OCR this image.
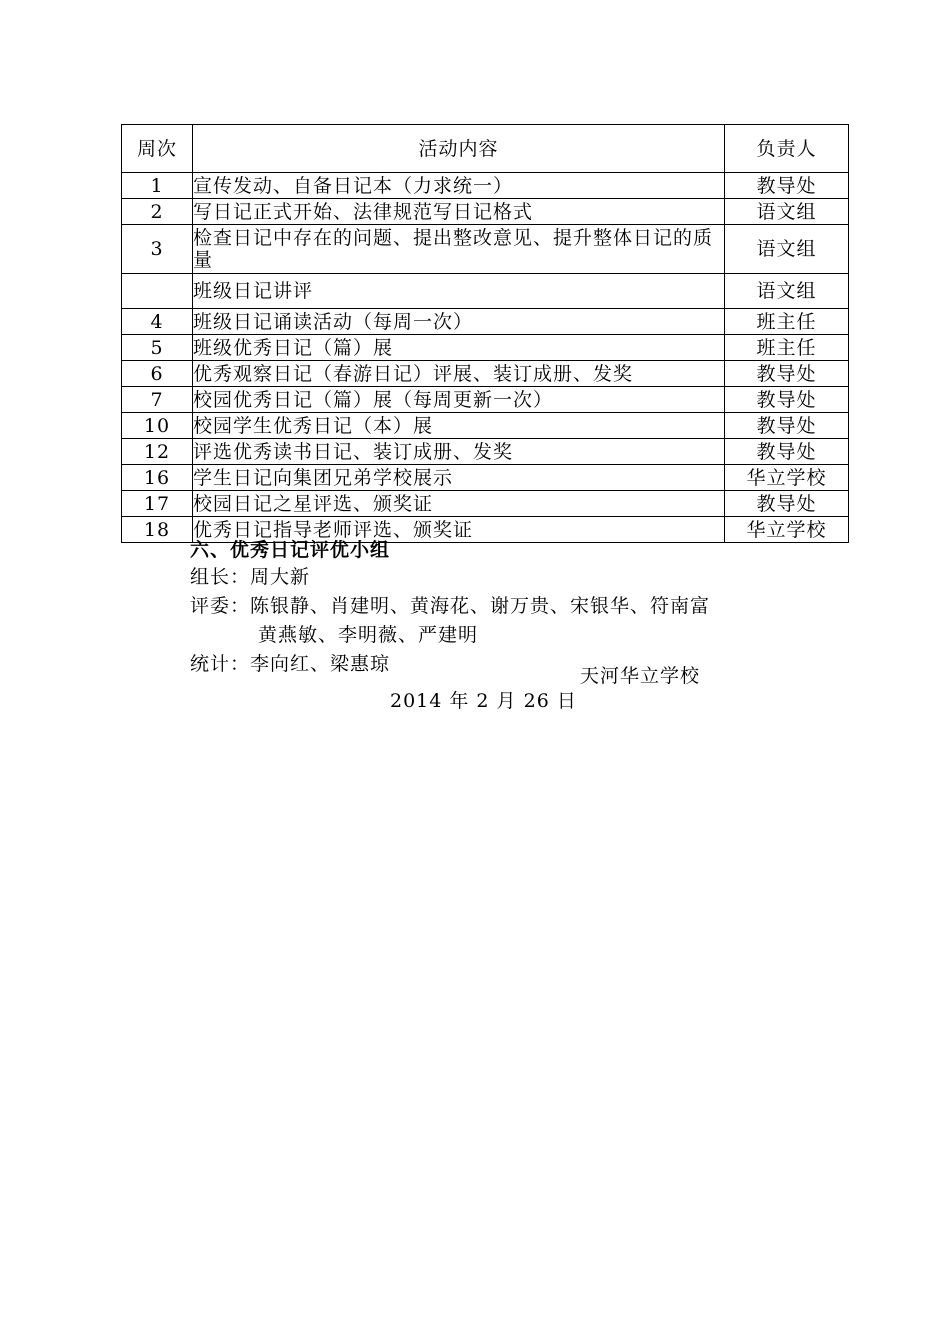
周次	活动内容	负责人
1	宣传发动、自备日记本（力求统一）	教导处
2	写日记正式开始、法律规范写日记格式	语文组
3	检查日记中存在的问题、提出整改意见、提升整体日记的质量	语文组
	班级日记讲评	语文组
4	班级日记诵读活动（每周一次）	班主任
5	班级优秀日记（篇）展	班主任
6	优秀观察日记（春游日记）评展、装订成册、发奖	教导处
7	校园优秀日记（篇）展（每周更新一次）	教导处
10	校园学生优秀日记（本）展	教导处
12	评选优秀读书日记、装订成册、发奖	教导处
16	学生日记向集团兄弟学校展示	华立学校
17	校园日记之星评选、颁奖证	教导处
18	优秀日记指导老师评选、颁奖证	华立学校
六、优秀日记评优小组
组长：周大新
评委：陈银静、肖建明、黄海花、谢万贵、宋银华、符南富
黄燕敏、李明薇、严建明
统计：李向红、梁惠琼
天河华立学校
2014 年 2 月 26 日
